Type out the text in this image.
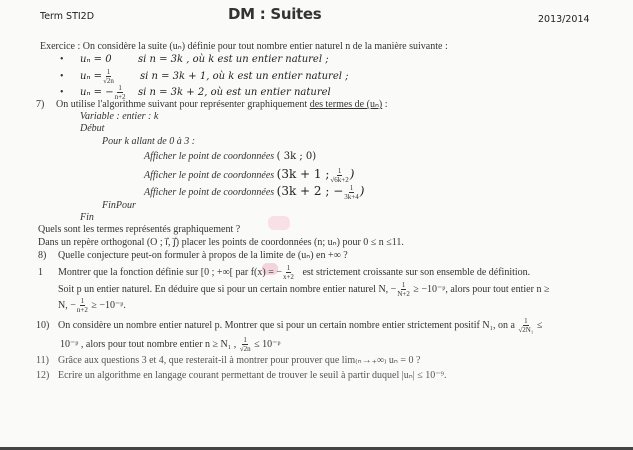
Term STI2D	DM : Suites	2013/2014
Exercice : On considère la suite (uₙ) définie pour tout nombre entier naturel n de la manière suivante :
• uₙ = 0	si n = 3k , où k est un entier naturel ;
• $u_n = \frac{1}{√2n}$	si n = 3k + 1, où k est un entier naturel ;
• uₙ = − $\frac{1}{n+2}$ si n = 3k + 2, où est un entier naturel
7) On utilise l'algorithme suivant pour représenter graphiquement des termes de (uₙ) :
Variable : entier : k
Début
Pour k allant de 0 à 3 :
Afficher le point de coordonnées ( 3k ; 0)
Afficher le point de coordonnées (3k + 1 ; $\frac{1}{√6k+2}$ )
Afficher le point de coordonnées (3k + 2 ; − $\frac{1}{3k+4}$ )
FinPour
Fin
Quels sont les termes représentés graphiquement ?
Dans un repère orthogonal (O ; i⃗, j⃗) placer les points de coordonnées (n; uₙ) pour 0 ≤ n ≤11.
8) Quelle conjecture peut-on formuler à propos de la limite de (uₙ) en +∞ ?
1 Montrer que la fonction définie sur [0 ; +∞[ par f(x) = − $\frac{1}{x+2}$ est strictement croissante sur son ensemble de définition.
Soit p un entier naturel. En déduire que si pour un certain nombre entier naturel N, − $\frac{1}{N+2}$ ≥ −10⁻ᵖ, alors pour tout entier n ≥
N, − $\frac{1}{n+2}$ ≥ −10⁻ᵖ.
10) On considère un nombre entier naturel p. Montrer que si pour un certain nombre entier strictement positif N₁, on a $\frac{1}{\text{√2N₁}}$ ≤
10⁻ᵖ , alors pour tout nombre entier n ≥ N₁ , $\frac{1}{√2n}$ ≤ 10⁻ᵖ
11) Grâce aux questions 3 et 4, que resterait-il à montrer pour prouver que lim₍ₙ→₊∞₎ uₙ = 0 ?
12) Ecrire un algorithme en langage courant permettant de trouver le seuil à partir duquel |uₙ| ≤ 10⁻⁹.
